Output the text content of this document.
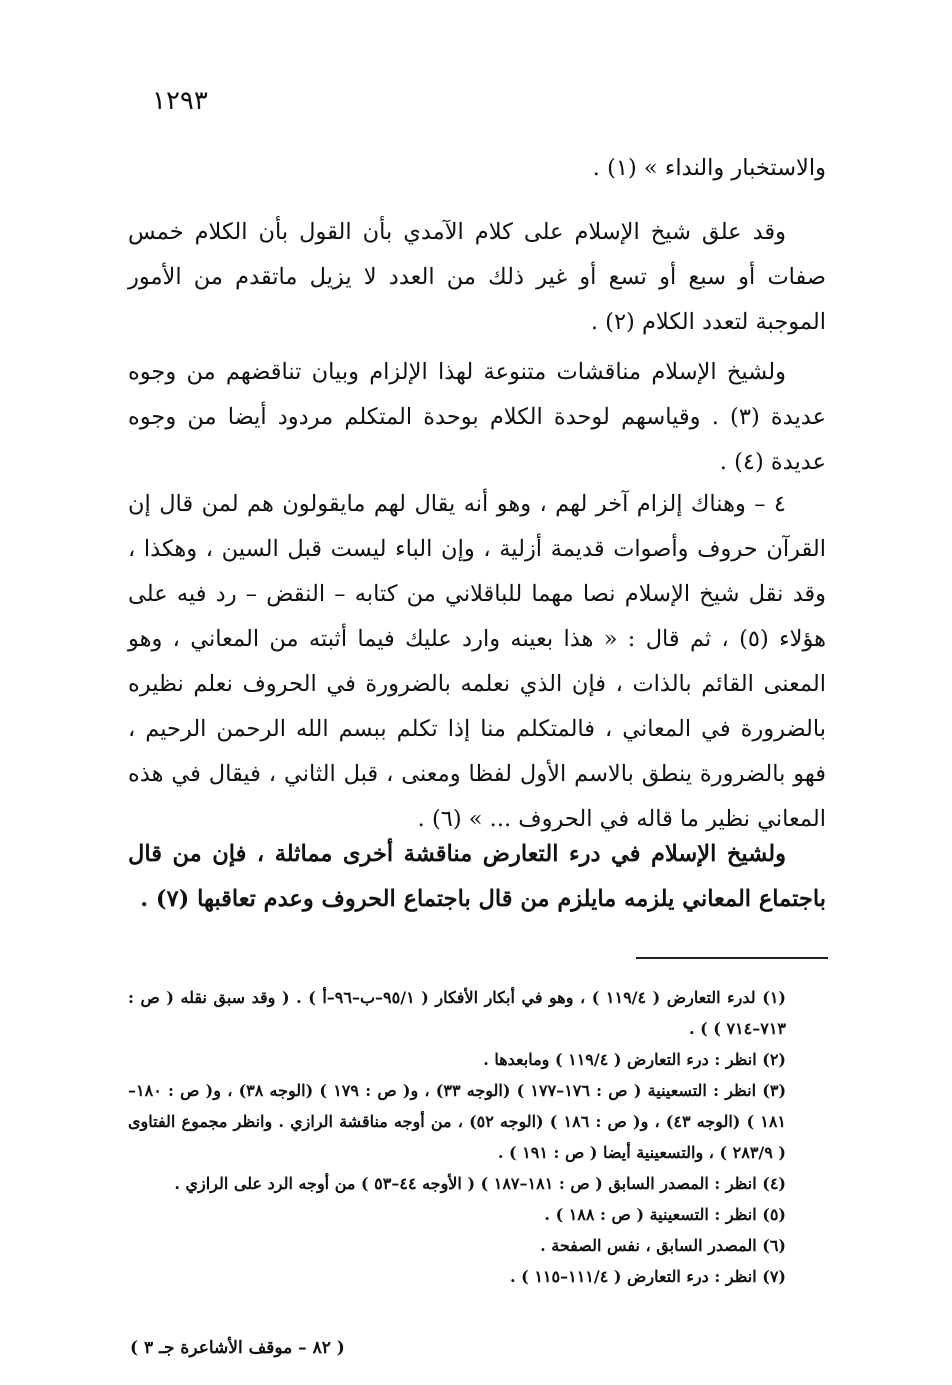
١٢٩٣

والاستخبار والنداء » (١) .

وقد علق شيخ الإسلام على كلام الآمدي بأن القول بأن الكلام خمس صفات أو سبع أو تسع أو غير ذلك من العدد لا يزيل ماتقدم من الأمور الموجبة لتعدد الكلام (٢) .

ولشيخ الإسلام مناقشات متنوعة لهذا الإلزام وبيان تناقضهم من وجوه عديدة (٣) . وقياسهم لوحدة الكلام بوحدة المتكلم مردود أيضا من وجوه عديدة (٤) .

٤ – وهناك إلزام آخر لهم ، وهو أنه يقال لهم مايقولون هم لمن قال إن القرآن حروف وأصوات قديمة أزلية ، وإن الباء ليست قبل السين ، وهكذا ، وقد نقل شيخ الإسلام نصا مهما للباقلاني من كتابه – النقض – رد فيه على هؤلاء (٥) ، ثم قال : « هذا بعينه وارد عليك فيما أثبته من المعاني ، وهو المعنى القائم بالذات ، فإن الذي نعلمه بالضرورة في الحروف نعلم نظيره بالضرورة في المعاني ، فالمتكلم منا إذا تكلم ببسم الله الرحمن الرحيم ، فهو بالضرورة ينطق بالاسم الأول لفظا ومعنى ، قبل الثاني ، فيقال في هذه المعاني نظير ما قاله في الحروف ... » (٦) .

ولشيخ الإسلام في درء التعارض مناقشة أخرى مماثلة ، فإن من قال باجتماع المعاني يلزمه مايلزم من قال باجتماع الحروف وعدم تعاقبها (٧) .

(١) لدرء التعارض ( ١١٩/٤ ) ، وهو في أبكار الأفكار ( ٩٥/١–ب–٩٦–أ ) . ( وقد سبق نقله ( ص : ٧١٣–٧١٤ ) ) .

(٢) انظر : درء التعارض ( ١١٩/٤ ) ومابعدها .

(٣) انظر : التسعينية ( ص : ١٧٦–١٧٧ ) (الوجه ٣٣) ، و( ص : ١٧٩ ) (الوجه ٣٨) ، و( ص : ١٨٠–١٨١ ) (الوجه ٤٣) ، و( ص : ١٨٦ ) (الوجه ٥٢) ، من أوجه مناقشة الرازي . وانظر مجموع الفتاوى ( ٢٨٣/٩ ) ، والتسعينية أيضا ( ص : ١٩١ ) .

(٤) انظر : المصدر السابق ( ص : ١٨١–١٨٧ ) ( الأوجه ٤٤–٥٣ ) من أوجه الرد على الرازي .

(٥) انظر : التسعينية ( ص : ١٨٨ ) .

(٦) المصدر السابق ، نفس الصفحة .

(٧) انظر : درء التعارض ( ١١١/٤–١١٥ ) .

( ٨٢ – موقف الأشاعرة جـ ٣ )
